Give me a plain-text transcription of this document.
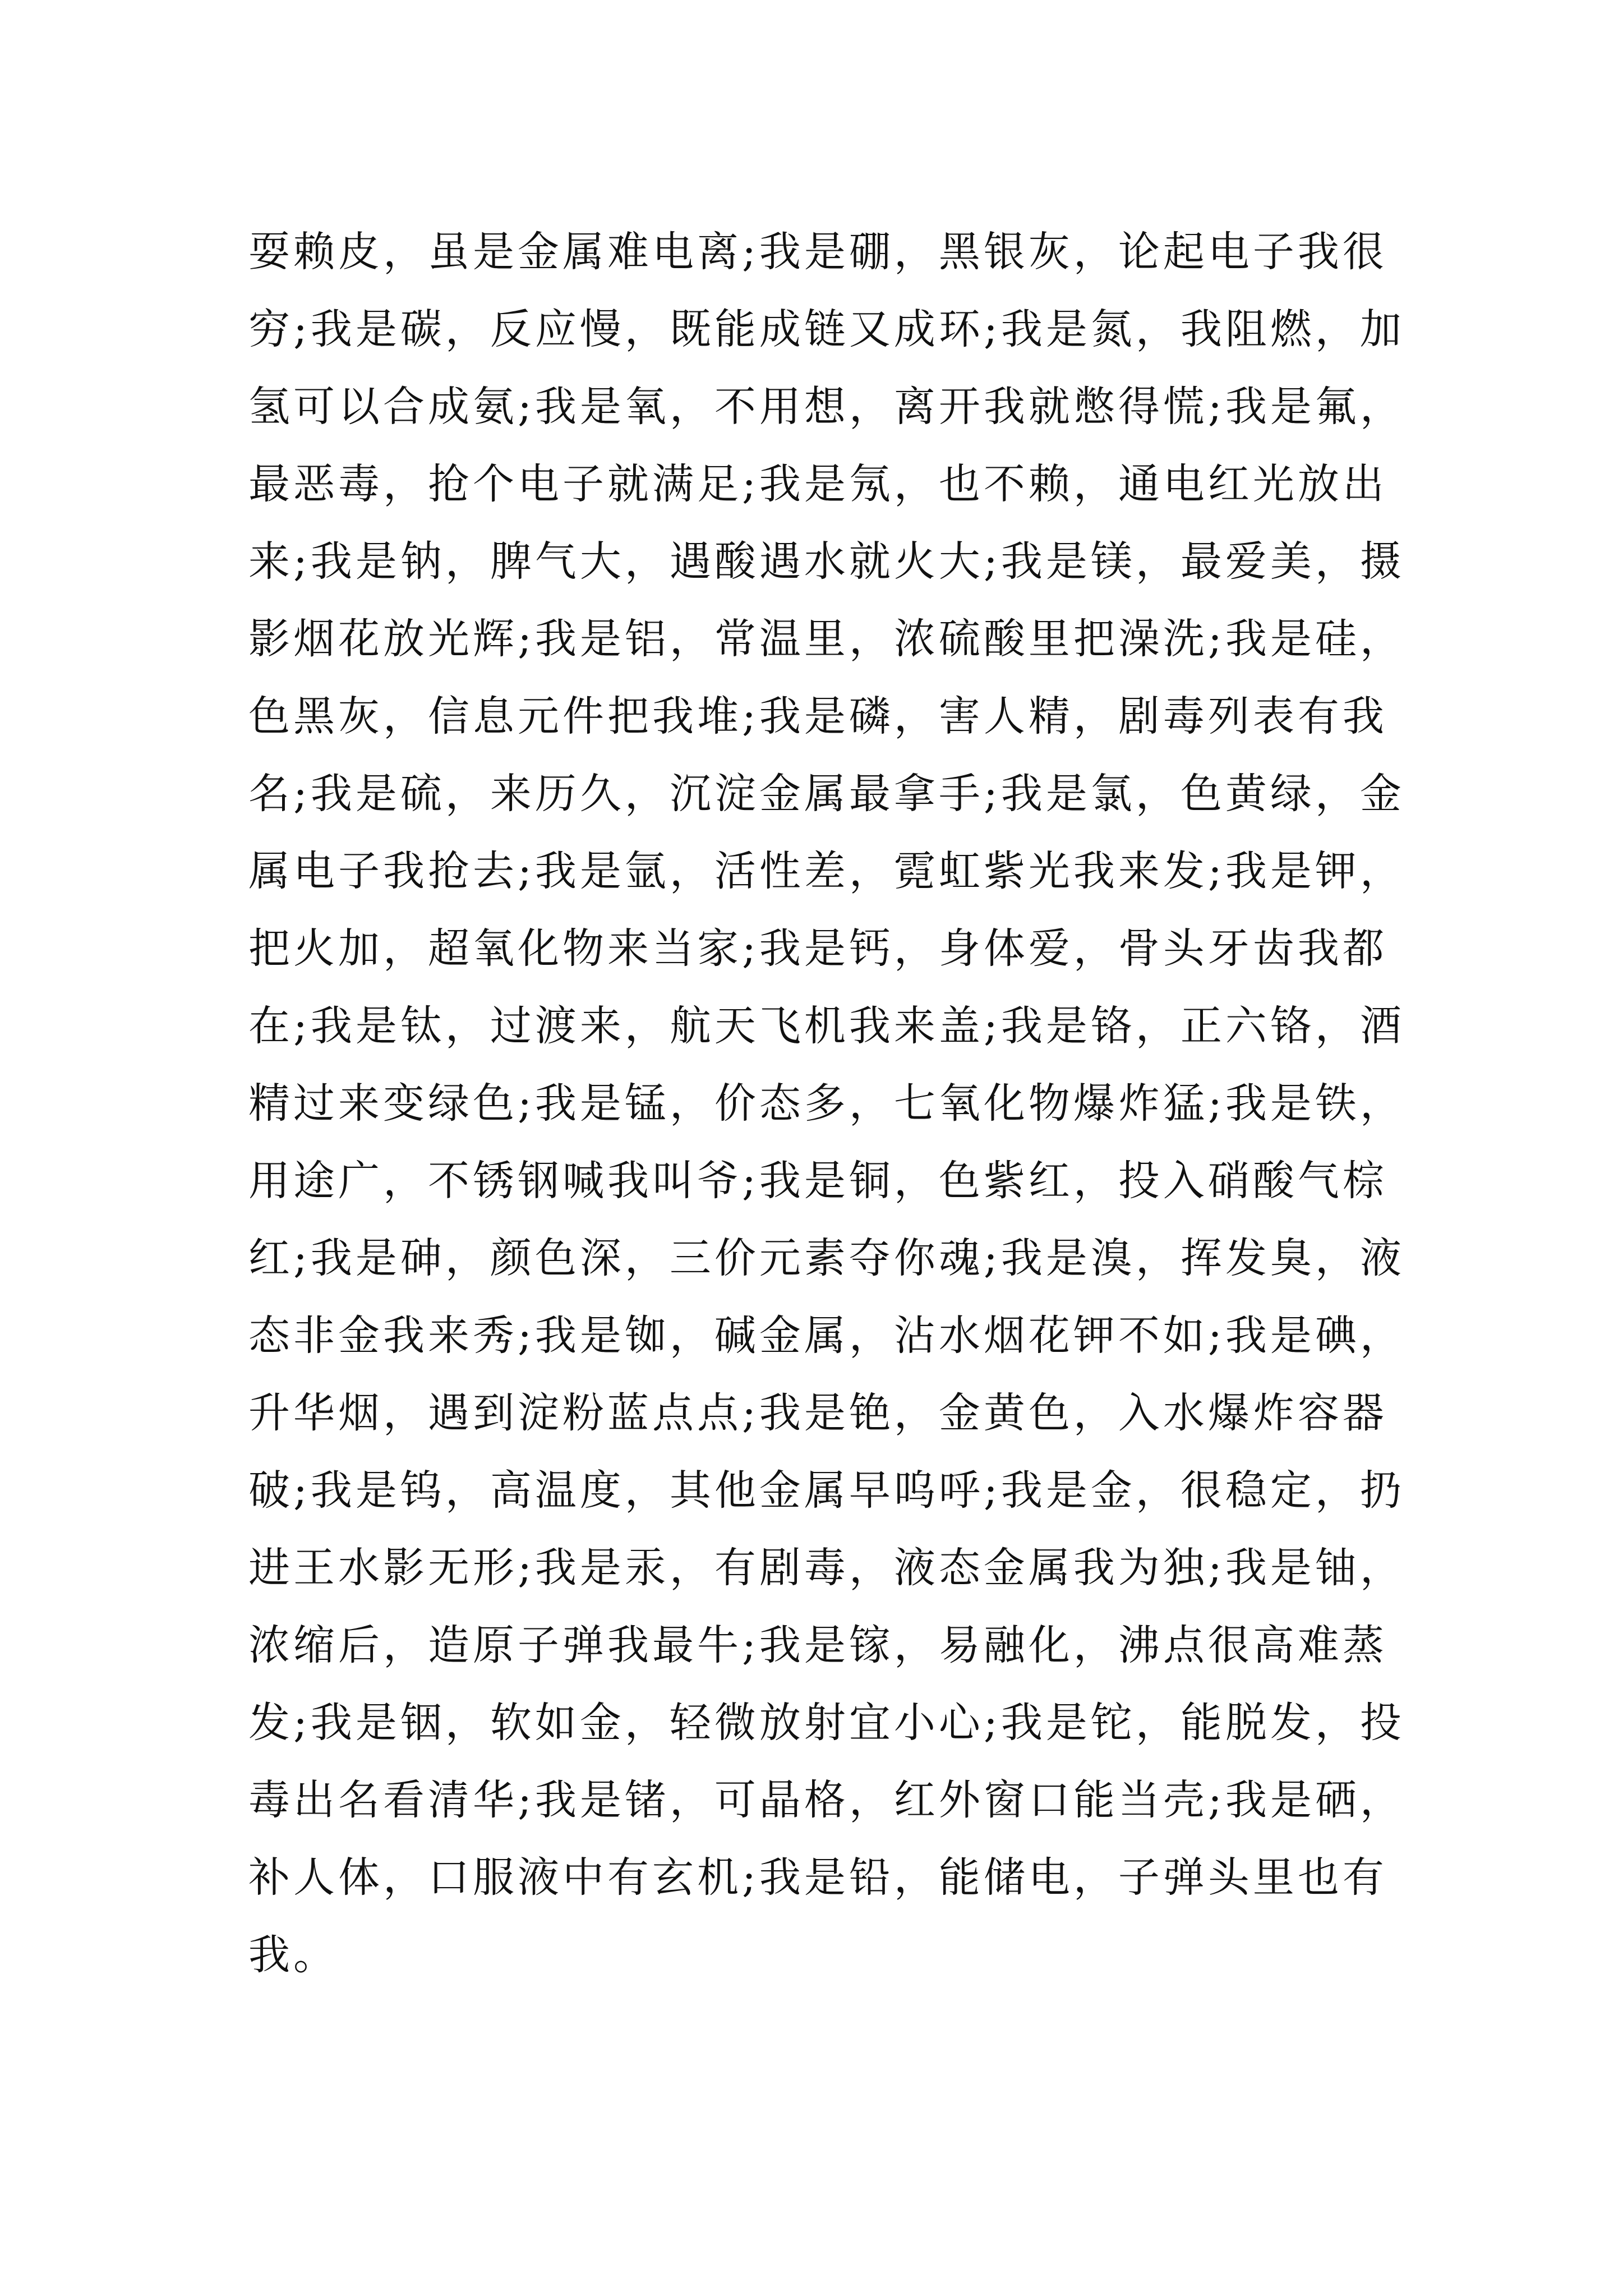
耍赖皮，虽是金属难电离;我是硼，黑银灰，论起电子我很
穷;我是碳，反应慢，既能成链又成环;我是氮，我阻燃，加
氢可以合成氨;我是氧，不用想，离开我就憋得慌;我是氟，
最恶毒，抢个电子就满足;我是氖，也不赖，通电红光放出
来;我是钠，脾气大，遇酸遇水就火大;我是镁，最爱美，摄
影烟花放光辉;我是铝，常温里，浓硫酸里把澡洗;我是硅，
色黑灰，信息元件把我堆;我是磷，害人精，剧毒列表有我
名;我是硫，来历久，沉淀金属最拿手;我是氯，色黄绿，金
属电子我抢去;我是氩，活性差，霓虹紫光我来发;我是钾，
把火加，超氧化物来当家;我是钙，身体爱，骨头牙齿我都
在;我是钛，过渡来，航天飞机我来盖;我是铬，正六铬，酒
精过来变绿色;我是锰，价态多，七氧化物爆炸猛;我是铁，
用途广，不锈钢喊我叫爷;我是铜，色紫红，投入硝酸气棕
红;我是砷，颜色深，三价元素夺你魂;我是溴，挥发臭，液
态非金我来秀;我是铷，碱金属，沾水烟花钾不如;我是碘，
升华烟，遇到淀粉蓝点点;我是铯，金黄色，入水爆炸容器
破;我是钨，高温度，其他金属早呜呼;我是金，很稳定，扔
进王水影无形;我是汞，有剧毒，液态金属我为独;我是铀，
浓缩后，造原子弹我最牛;我是镓，易融化，沸点很高难蒸
发;我是铟，软如金，轻微放射宜小心;我是铊，能脱发，投
毒出名看清华;我是锗，可晶格，红外窗口能当壳;我是硒，
补人体，口服液中有玄机;我是铅，能储电，子弹头里也有
我。
